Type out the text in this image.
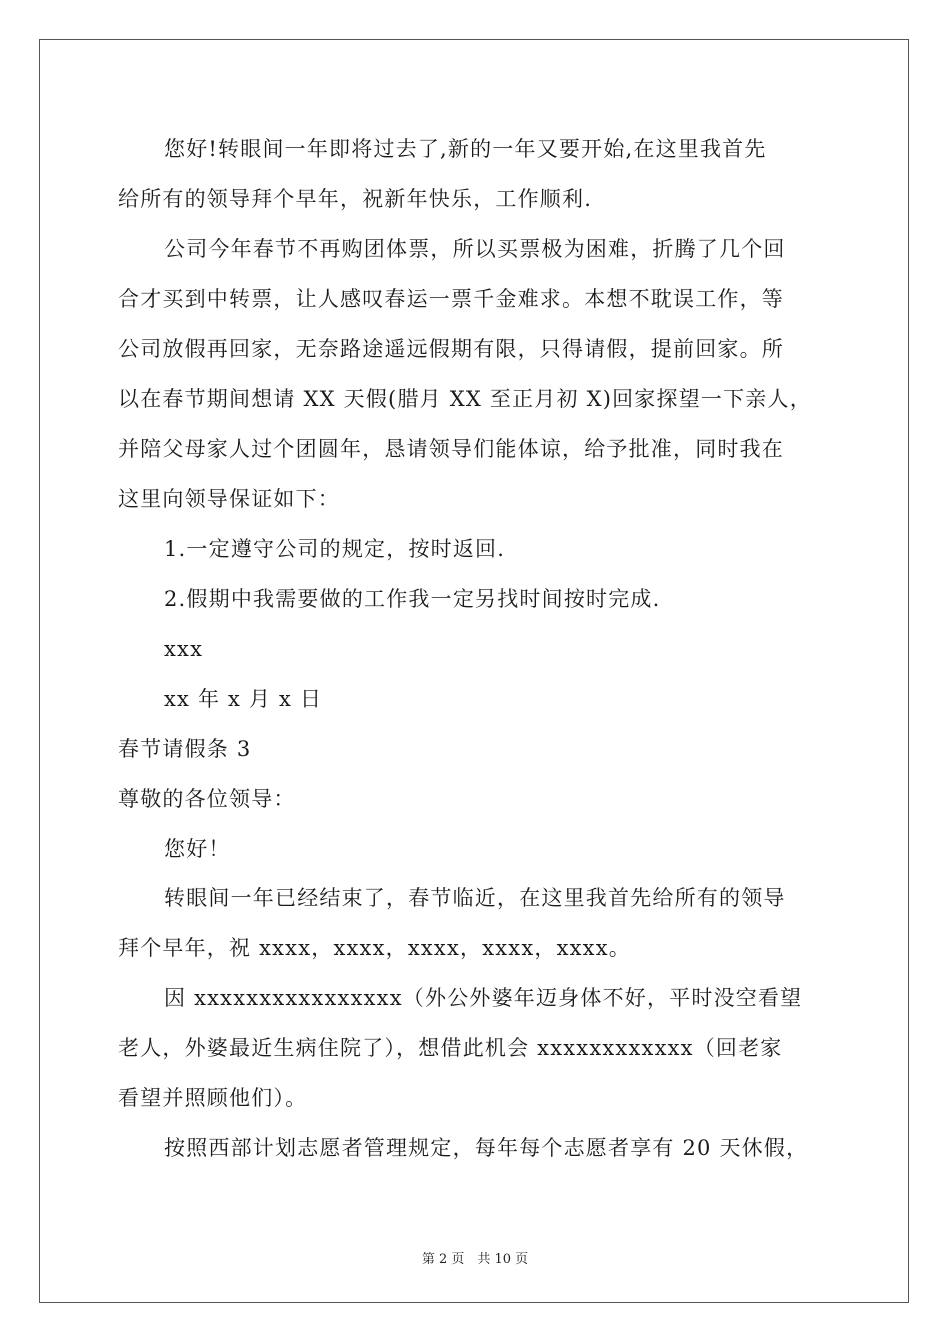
您好!转眼间一年即将过去了,新的一年又要开始,在这里我首先
给所有的领导拜个早年，祝新年快乐，工作顺利.
公司今年春节不再购团体票，所以买票极为困难，折腾了几个回
合才买到中转票，让人感叹春运一票千金难求。本想不耽误工作，等
公司放假再回家，无奈路途遥远假期有限，只得请假，提前回家。所
以在春节期间想请 XX 天假(腊月 XX 至正月初 X)回家探望一下亲人，
并陪父母家人过个团圆年，恳请领导们能体谅，给予批准，同时我在
这里向领导保证如下：
1.一定遵守公司的规定，按时返回.
2.假期中我需要做的工作我一定另找时间按时完成.
xxx
xx 年 x 月 x 日
春节请假条 3
尊敬的各位领导：
您好！
转眼间一年已经结束了，春节临近，在这里我首先给所有的领导
拜个早年，祝 xxxx，xxxx，xxxx，xxxx，xxxx。
因 xxxxxxxxxxxxxxxx（外公外婆年迈身体不好，平时没空看望
老人，外婆最近生病住院了），想借此机会 xxxxxxxxxxxx（回老家
看望并照顾他们）。
按照西部计划志愿者管理规定，每年每个志愿者享有 20 天休假，
第 2 页　共 10 页
